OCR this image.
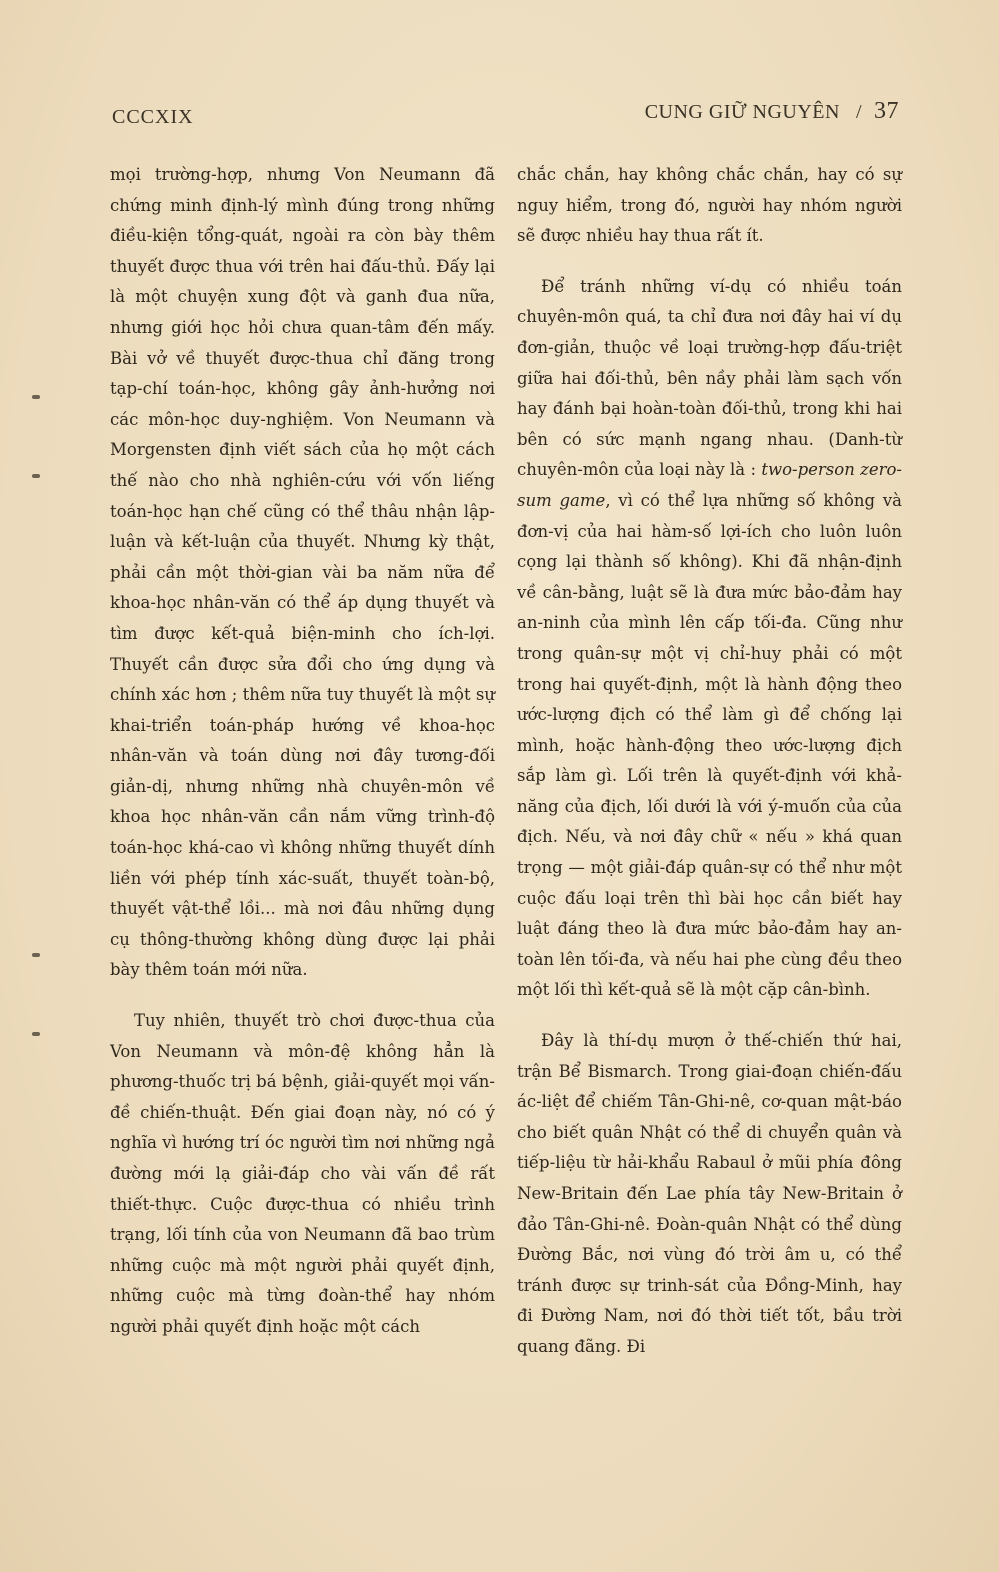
CCCXIX	CUNG GIỮ NGUYÊN / 37

mọi trường-hợp, nhưng Von Neumann đã chứng minh định-lý mình đúng trong những điều-kiện tổng-quát, ngoài ra còn bày thêm thuyết được thua với trên hai đấu-thủ. Đấy lại là một chuyện xung đột và ganh đua nữa, nhưng giới học hỏi chưa quan-tâm đến mấy. Bài vở về thuyết được-thua chỉ đăng trong tạp-chí toán-học, không gây ảnh-hưởng nơi các môn-học duy-nghiệm. Von Neumann và Morgensten định viết sách của họ một cách thế nào cho nhà nghiên-cứu với vốn liếng toán-học hạn chế cũng có thể thâu nhận lập-luận và kết-luận của thuyết. Nhưng kỳ thật, phải cần một thời-gian vài ba năm nữa để khoa-học nhân-văn có thể áp dụng thuyết và tìm được kết-quả biện-minh cho ích-lợi. Thuyết cần được sửa đổi cho ứng dụng và chính xác hơn ; thêm nữa tuy thuyết là một sự khai-triển toán-pháp hướng về khoa-học nhân-văn và toán dùng nơi đây tương-đối giản-dị, nhưng những nhà chuyên-môn về khoa học nhân-văn cần nắm vững trình-độ toán-học khá-cao vì không những thuyết dính liền với phép tính xác-suất, thuyết toàn-bộ, thuyết vật-thể lồi... mà nơi đâu những dụng cụ thông-thường không dùng được lại phải bày thêm toán mới nữa.

Tuy nhiên, thuyết trò chơi được-thua của Von Neumann và môn-đệ không hẳn là phương-thuốc trị bá bệnh, giải-quyết mọi vấn-đề chiến-thuật. Đến giai đoạn này, nó có ý nghĩa vì hướng trí óc người tìm nơi những ngả đường mới lạ giải-đáp cho vài vấn đề rất thiết-thực. Cuộc được-thua có nhiều trình trạng, lối tính của von Neumann đã bao trùm những cuộc mà một người phải quyết định, những cuộc mà từng đoàn-thể hay nhóm người phải quyết định hoặc một cách

chắc chắn, hay không chắc chắn, hay có sự nguy hiểm, trong đó, người hay nhóm người sẽ được nhiều hay thua rất ít.

Để tránh những ví-dụ có nhiều toán chuyên-môn quá, ta chỉ đưa nơi đây hai ví dụ đơn-giản, thuộc về loại trường-hợp đấu-triệt giữa hai đối-thủ, bên nầy phải làm sạch vốn hay đánh bại hoàn-toàn đối-thủ, trong khi hai bên có sức mạnh ngang nhau. (Danh-từ chuyên-môn của loại này là : two-person zero-sum game, vì có thể lựa những số không và đơn-vị của hai hàm-số lợi-ích cho luôn luôn cọng lại thành số không). Khi đã nhận-định về cân-bằng, luật sẽ là đưa mức bảo-đảm hay an-ninh của mình lên cấp tối-đa. Cũng như trong quân-sự một vị chỉ-huy phải có một trong hai quyết-định, một là hành động theo ước-lượng địch có thể làm gì để chống lại mình, hoặc hành-động theo ước-lượng địch sắp làm gì. Lối trên là quyết-định với khả-năng của địch, lối dưới là với ý-muốn của của địch. Nếu, và nơi đây chữ « nếu » khá quan trọng — một giải-đáp quân-sự có thể như một cuộc đấu loại trên thì bài học cần biết hay luật đáng theo là đưa mức bảo-đảm hay an-toàn lên tối-đa, và nếu hai phe cùng đều theo một lối thì kết-quả sẽ là một cặp cân-bình.

Đây là thí-dụ mượn ở thế-chiến thứ hai, trận Bể Bismarch. Trong giai-đoạn chiến-đấu ác-liệt để chiếm Tân-Ghi-nê, cơ-quan mật-báo cho biết quân Nhật có thể di chuyển quân và tiếp-liệu từ hải-khẩu Rabaul ở mũi phía đông New-Britain đến Lae phía tây New-Britain ở đảo Tân-Ghi-nê. Đoàn-quân Nhật có thể dùng Đường Bắc, nơi vùng đó trời âm u, có thể tránh được sự trinh-sát của Đồng-Minh, hay đi Đường Nam, nơi đó thời tiết tốt, bầu trời quang đãng. Đi
